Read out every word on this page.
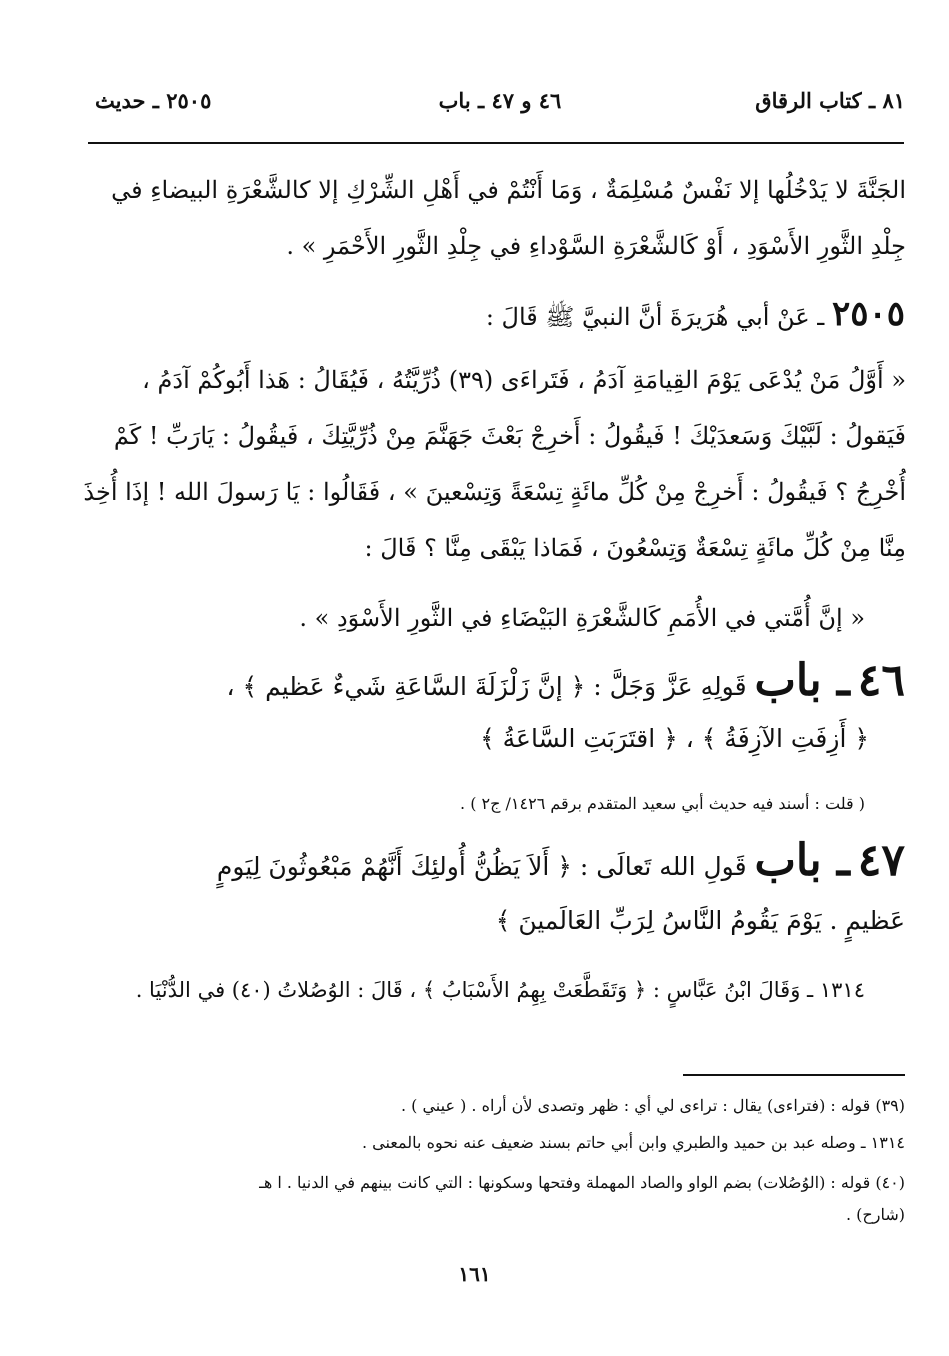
٨١ ـ كتاب الرقاق
٤٦ و ٤٧ ـ باب
٢٥٠٥ ـ حديث
الجَنَّةَ لا يَدْخُلُها إلا نَفْسٌ مُسْلِمَةٌ ، وَمَا أَنْتُمْ في أَهْلِ الشِّرْكِ إلا كالشَّعْرَةِ البيضاءِ في
جِلْدِ الثَّورِ الأَسْوَدِ ، أَوْ كَالشَّعْرَةِ السَّوْداءِ في جِلْدِ الثَّورِ الأَحْمَرِ » .
٢٥٠٥ ـ عَنْ أبي هُرَيرَةَ أنَّ النبيَّ ﷺ قَالَ :
« أَوَّلُ مَنْ يُدْعَى يَوْمَ القِيامَةِ آدَمُ ، فَتَراءَى (٣٩) ذُرِّيَّتُهُ ، فَيُقَالُ : هَذا أَبُوكُمْ آدَمُ ،
فَيَقولُ : لَبَّيْكَ وَسَعدَيْكَ ! فَيقُولُ : أَخرِجْ بَعْثَ جَهَنَّمَ مِنْ ذُرِّيَّتِكَ ، فَيقُولُ : يَارَبِّ ! كَمْ
أُخْرِجُ ؟ فَيقُولُ : أَخرِجْ مِنْ كُلِّ مائَةٍ تِسْعَةً وَتِسْعينَ » ، فَقَالُوا : يَا رَسولَ الله ! إذَا أُخِذَ
مِنَّا مِنْ كُلِّ مائَةٍ تِسْعَةٌ وَتِسْعُونَ ، فَمَاذا يَبْقَى مِنَّا ؟ قَالَ :
« إنَّ أُمَّتي في الأُمَمِ كَالشَّعْرَةِ البَيْضَاءِ في الثَّورِ الأَسْوَدِ » .
٤٦ ـ باب قَولِهِ عَزَّ وَجَلَّ : ﴿ إنَّ زَلْزَلَةَ السَّاعَةِ شَيءٌ عَظيم ﴾ ،
﴿ أَزِفَتِ الآزِفَةُ ﴾ ، ﴿ اقتَرَبَتِ السَّاعَةُ ﴾
( قلت : أسند فيه حديث أبي سعيد المتقدم برقم ١٤٢٦/ ج٢ ) .
٤٧ ـ باب قَولِ الله تَعالَى : ﴿ أَلاَ يَظُنُّ أُولئِكَ أَنَّهُمْ مَبْعُوثُونَ لِيَومٍ
عَظيمٍ . يَوْمَ يَقُومُ النَّاسُ لِرَبِّ العَالَمينَ ﴾
١٣١٤ ـ وَقَالَ ابْنُ عَبَّاسٍ : ﴿ وَتَقَطَّعَتْ بِهِمُ الأَسْبَابُ ﴾ ، قَالَ : الوُصُلاتُ (٤٠) في الدُّنْيَا .
(٣٩) قوله : (فتراءى) يقال : تراءى لي أي : ظهر وتصدى لأن أراه . ( عيني ) .
١٣١٤ ـ وصله عبد بن حميد والطبري وابن أبي حاتم بسند ضعيف عنه نحوه بالمعنى .
(٤٠) قوله : (الوُصُلات) بضم الواو والصاد المهملة وفتحها وسكونها : التي كانت بينهم في الدنيا . ا هـ
(شارح) .
١٦١
